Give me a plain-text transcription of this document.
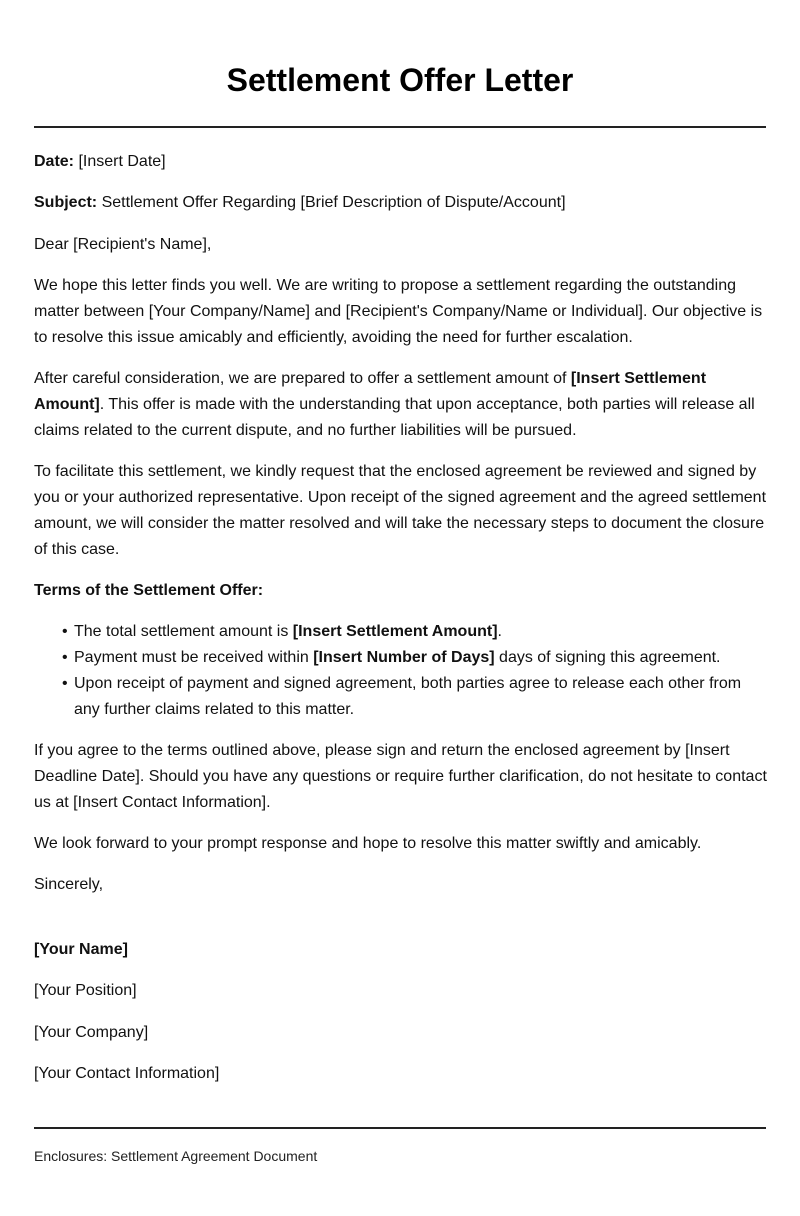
Settlement Offer Letter

Date: [Insert Date]

Subject: Settlement Offer Regarding [Brief Description of Dispute/Account]

Dear [Recipient's Name],

We hope this letter finds you well. We are writing to propose a settlement regarding the outstanding matter between [Your Company/Name] and [Recipient's Company/Name or Individual]. Our objective is to resolve this issue amicably and efficiently, avoiding the need for further escalation.

After careful consideration, we are prepared to offer a settlement amount of [Insert Settlement Amount]. This offer is made with the understanding that upon acceptance, both parties will release all claims related to the current dispute, and no further liabilities will be pursued.

To facilitate this settlement, we kindly request that the enclosed agreement be reviewed and signed by you or your authorized representative. Upon receipt of the signed agreement and the agreed settlement amount, we will consider the matter resolved and will take the necessary steps to document the closure of this case.

Terms of the Settlement Offer:

• The total settlement amount is [Insert Settlement Amount].
• Payment must be received within [Insert Number of Days] days of signing this agreement.
• Upon receipt of payment and signed agreement, both parties agree to release each other from any further claims related to this matter.

If you agree to the terms outlined above, please sign and return the enclosed agreement by [Insert Deadline Date]. Should you have any questions or require further clarification, do not hesitate to contact us at [Insert Contact Information].

We look forward to your prompt response and hope to resolve this matter swiftly and amicably.

Sincerely,

[Your Name]

[Your Position]

[Your Company]

[Your Contact Information]

Enclosures: Settlement Agreement Document
